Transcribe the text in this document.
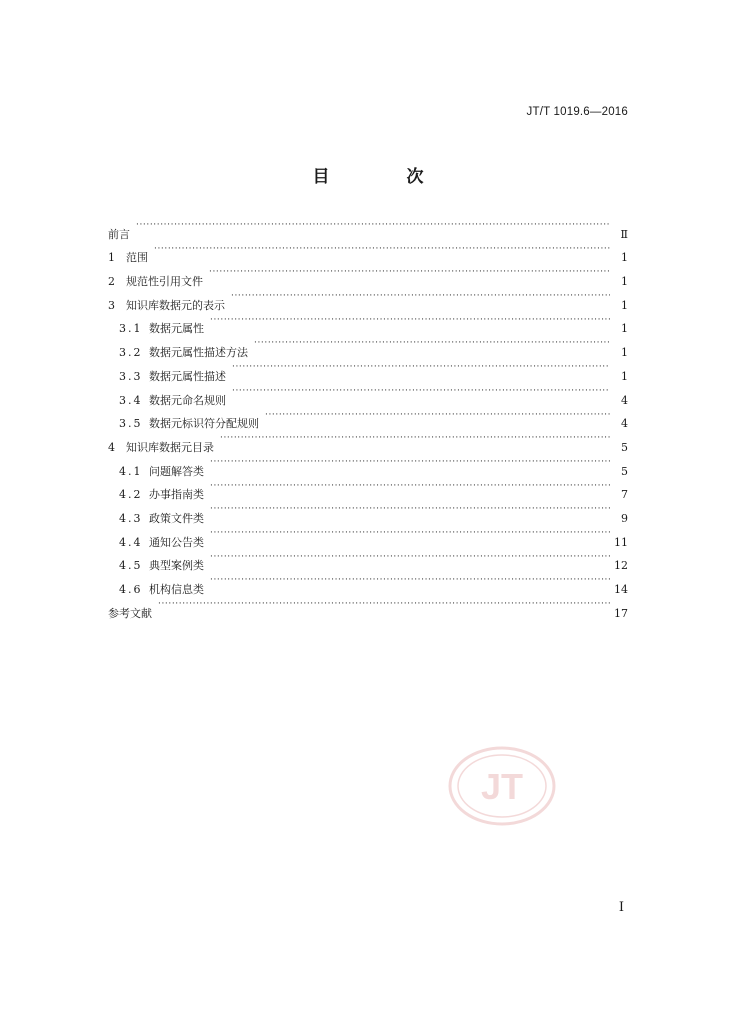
JT/T 1019.6—2016
目　次
前言 ·····	Ⅱ
1 范围 ·····	1
2 规范性引用文件 ·····	1
3 知识库数据元的表示 ·····	1
3.1 数据元属性 ·····	1
3.2 数据元属性描述方法 ·····	1
3.3 数据元属性描述 ·····	1
3.4 数据元命名规则 ·····	4
3.5 数据元标识符分配规则 ·····	4
4 知识库数据元目录 ·····	5
4.1 问题解答类 ·····	5
4.2 办事指南类 ·····	7
4.3 政策文件类 ·····	9
4.4 通知公告类 ·····	11
4.5 典型案例类 ·····	12
4.6 机构信息类 ·····	14
参考文献 ·····	17
JT
I
